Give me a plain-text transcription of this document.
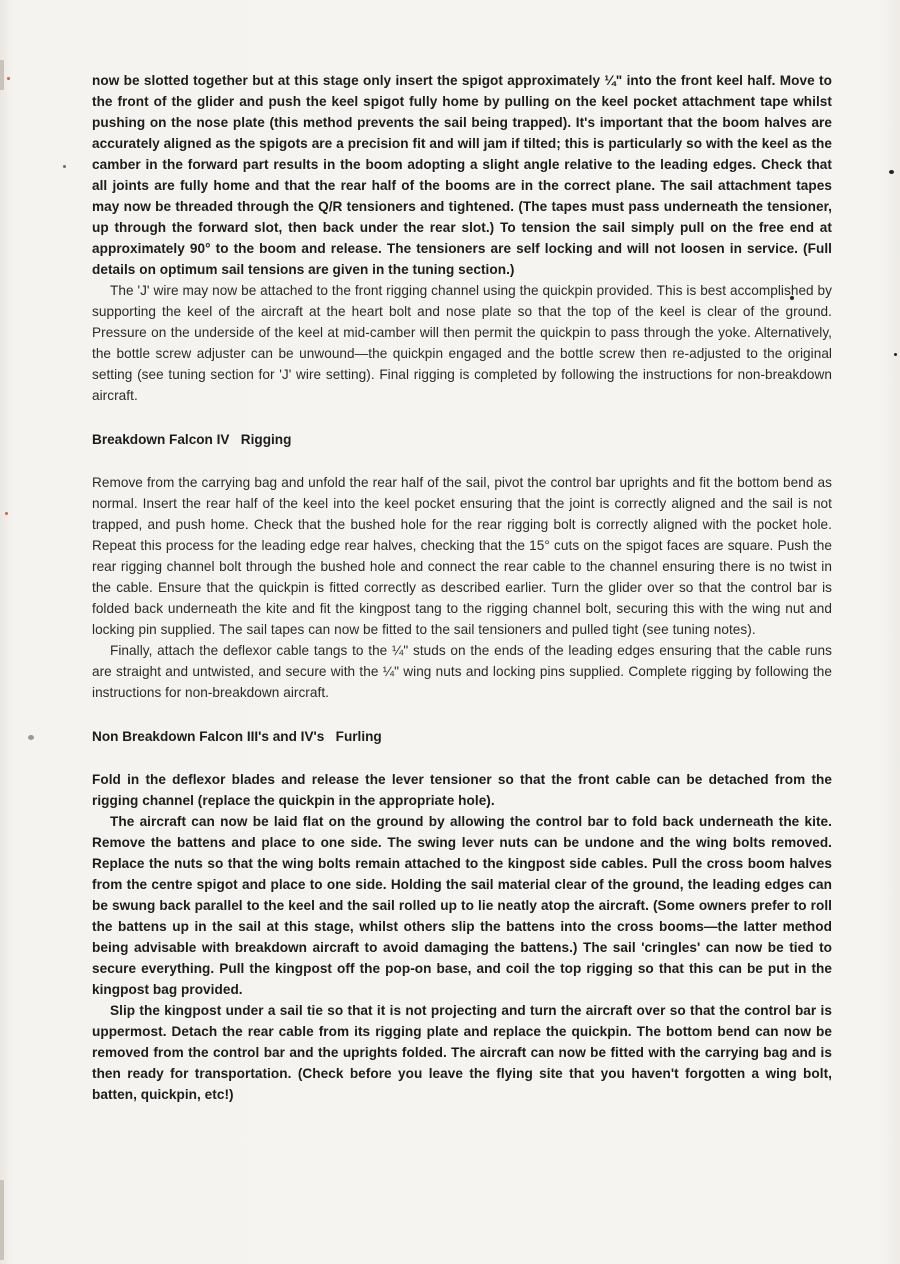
now be slotted together but at this stage only insert the spigot approximately ¼" into the front keel half. Move to the front of the glider and push the keel spigot fully home by pulling on the keel pocket attachment tape whilst pushing on the nose plate (this method prevents the sail being trapped). It's important that the boom halves are accurately aligned as the spigots are a precision fit and will jam if tilted; this is particularly so with the keel as the camber in the forward part results in the boom adopting a slight angle relative to the leading edges. Check that all joints are fully home and that the rear half of the booms are in the correct plane. The sail attachment tapes may now be threaded through the Q/R tensioners and tightened. (The tapes must pass underneath the tensioner, up through the forward slot, then back under the rear slot.) To tension the sail simply pull on the free end at approximately 90° to the boom and release. The tensioners are self locking and will not loosen in service. (Full details on optimum sail tensions are given in the tuning section.)

The 'J' wire may now be attached to the front rigging channel using the quickpin provided. This is best accomplished by supporting the keel of the aircraft at the heart bolt and nose plate so that the top of the keel is clear of the ground. Pressure on the underside of the keel at mid-camber will then permit the quickpin to pass through the yoke. Alternatively, the bottle screw adjuster can be unwound—the quickpin engaged and the bottle screw then re-adjusted to the original setting (see tuning section for 'J' wire setting). Final rigging is completed by following the instructions for non-breakdown aircraft.

Breakdown Falcon IV   Rigging

Remove from the carrying bag and unfold the rear half of the sail, pivot the control bar uprights and fit the bottom bend as normal. Insert the rear half of the keel into the keel pocket ensuring that the joint is correctly aligned and the sail is not trapped, and push home. Check that the bushed hole for the rear rigging bolt is correctly aligned with the pocket hole. Repeat this process for the leading edge rear halves, checking that the 15° cuts on the spigot faces are square. Push the rear rigging channel bolt through the bushed hole and connect the rear cable to the channel ensuring there is no twist in the cable. Ensure that the quickpin is fitted correctly as described earlier. Turn the glider over so that the control bar is folded back underneath the kite and fit the kingpost tang to the rigging channel bolt, securing this with the wing nut and locking pin supplied. The sail tapes can now be fitted to the sail tensioners and pulled tight (see tuning notes).

Finally, attach the deflexor cable tangs to the ¼" studs on the ends of the leading edges ensuring that the cable runs are straight and untwisted, and secure with the ¼" wing nuts and locking pins supplied. Complete rigging by following the instructions for non-breakdown aircraft.

Non Breakdown Falcon III's and IV's   Furling

Fold in the deflexor blades and release the lever tensioner so that the front cable can be detached from the rigging channel (replace the quickpin in the appropriate hole).

The aircraft can now be laid flat on the ground by allowing the control bar to fold back underneath the kite. Remove the battens and place to one side. The swing lever nuts can be undone and the wing bolts removed. Replace the nuts so that the wing bolts remain attached to the kingpost side cables. Pull the cross boom halves from the centre spigot and place to one side. Holding the sail material clear of the ground, the leading edges can be swung back parallel to the keel and the sail rolled up to lie neatly atop the aircraft. (Some owners prefer to roll the battens up in the sail at this stage, whilst others slip the battens into the cross booms—the latter method being advisable with breakdown aircraft to avoid damaging the battens.) The sail 'cringles' can now be tied to secure everything. Pull the kingpost off the pop-on base, and coil the top rigging so that this can be put in the kingpost bag provided.

Slip the kingpost under a sail tie so that it is not projecting and turn the aircraft over so that the control bar is uppermost. Detach the rear cable from its rigging plate and replace the quickpin. The bottom bend can now be removed from the control bar and the uprights folded. The aircraft can now be fitted with the carrying bag and is then ready for transportation. (Check before you leave the flying site that you haven't forgotten a wing bolt, batten, quickpin, etc!)
